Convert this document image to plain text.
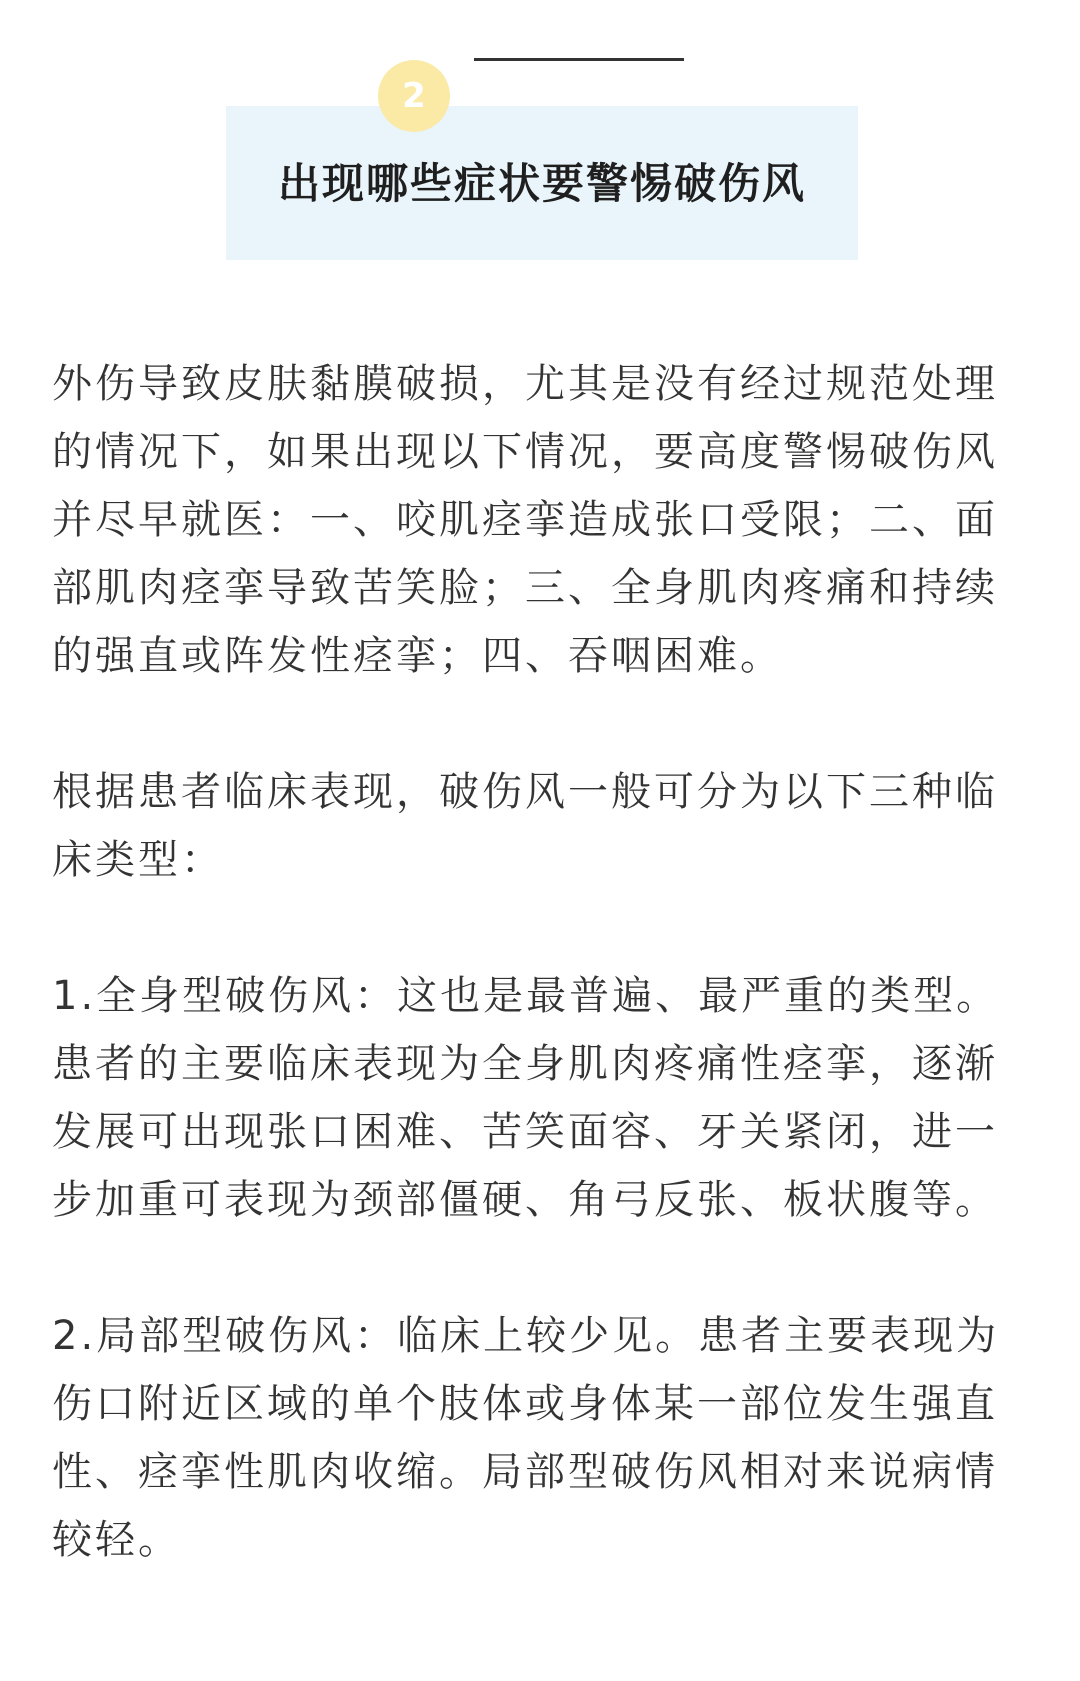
2
出现哪些症状要警惕破伤风

外伤导致皮肤黏膜破损，尤其是没有经过规范处理的情况下，如果出现以下情况，要高度警惕破伤风并尽早就医：一、咬肌痉挛造成张口受限；二、面部肌肉痉挛导致苦笑脸；三、全身肌肉疼痛和持续的强直或阵发性痉挛；四、吞咽困难。

根据患者临床表现，破伤风一般可分为以下三种临床类型：

1.全身型破伤风：这也是最普遍、最严重的类型。患者的主要临床表现为全身肌肉疼痛性痉挛，逐渐发展可出现张口困难、苦笑面容、牙关紧闭，进一步加重可表现为颈部僵硬、角弓反张、板状腹等。

2.局部型破伤风：临床上较少见。患者主要表现为伤口附近区域的单个肢体或身体某一部位发生强直性、痉挛性肌肉收缩。局部型破伤风相对来说病情较轻。
